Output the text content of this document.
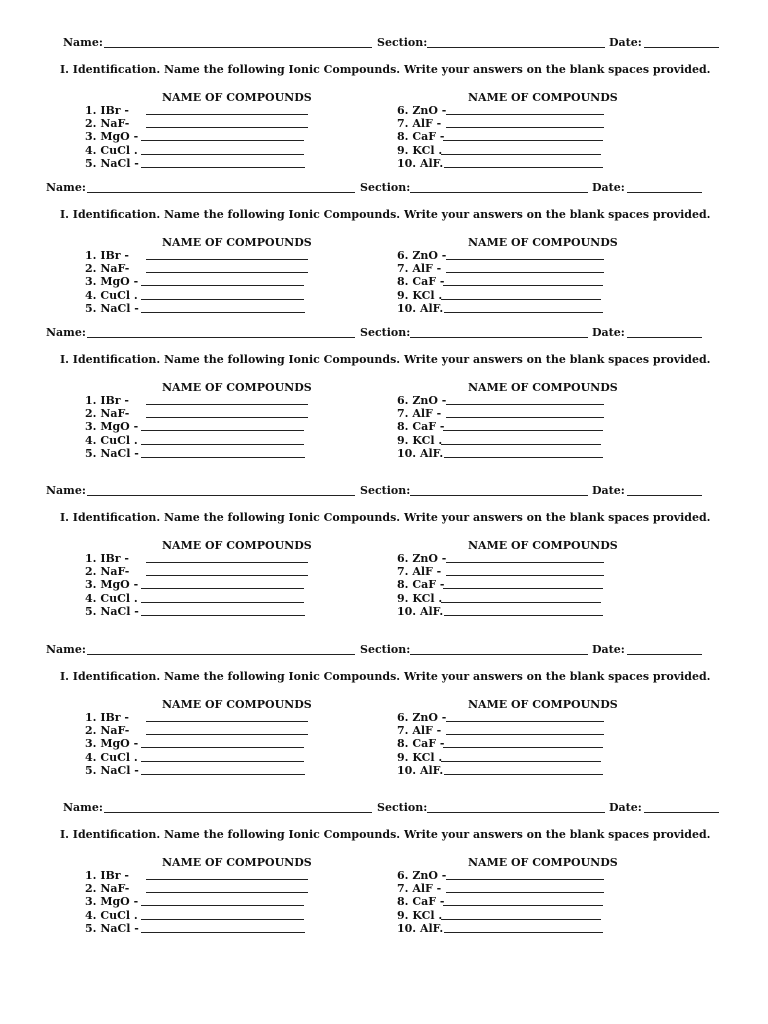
Name:	Section:	Date:
I. Identification. Name the following Ionic Compounds. Write your answers on the blank spaces provided.
NAME OF COMPOUNDS	NAME OF COMPOUNDS
1. IBr -	6. ZnO -
2. NaF-	7. AlF -
3. MgO -	8. CaF -
4. CuCl .	9. KCl .
5. NaCl -	10. AlF.
Name:	Section:	Date:
I. Identification. Name the following Ionic Compounds. Write your answers on the blank spaces provided.
NAME OF COMPOUNDS	NAME OF COMPOUNDS
1. IBr -	6. ZnO -
2. NaF-	7. AlF -
3. MgO -	8. CaF -
4. CuCl .	9. KCl .
5. NaCl -	10. AlF.
Name:	Section:	Date:
I. Identification. Name the following Ionic Compounds. Write your answers on the blank spaces provided.
NAME OF COMPOUNDS	NAME OF COMPOUNDS
1. IBr -	6. ZnO -
2. NaF-	7. AlF -
3. MgO -	8. CaF -
4. CuCl .	9. KCl .
5. NaCl -	10. AlF.
Name:	Section:	Date:
I. Identification. Name the following Ionic Compounds. Write your answers on the blank spaces provided.
NAME OF COMPOUNDS	NAME OF COMPOUNDS
1. IBr -	6. ZnO -
2. NaF-	7. AlF -
3. MgO -	8. CaF -
4. CuCl .	9. KCl .
5. NaCl -	10. AlF.
Name:	Section:	Date:
I. Identification. Name the following Ionic Compounds. Write your answers on the blank spaces provided.
NAME OF COMPOUNDS	NAME OF COMPOUNDS
1. IBr -	6. ZnO -
2. NaF-	7. AlF -
3. MgO -	8. CaF -
4. CuCl .	9. KCl .
5. NaCl -	10. AlF.
Name:	Section:	Date:
I. Identification. Name the following Ionic Compounds. Write your answers on the blank spaces provided.
NAME OF COMPOUNDS	NAME OF COMPOUNDS
1. IBr -	6. ZnO -
2. NaF-	7. AlF -
3. MgO -	8. CaF -
4. CuCl .	9. KCl .
5. NaCl -	10. AlF.
